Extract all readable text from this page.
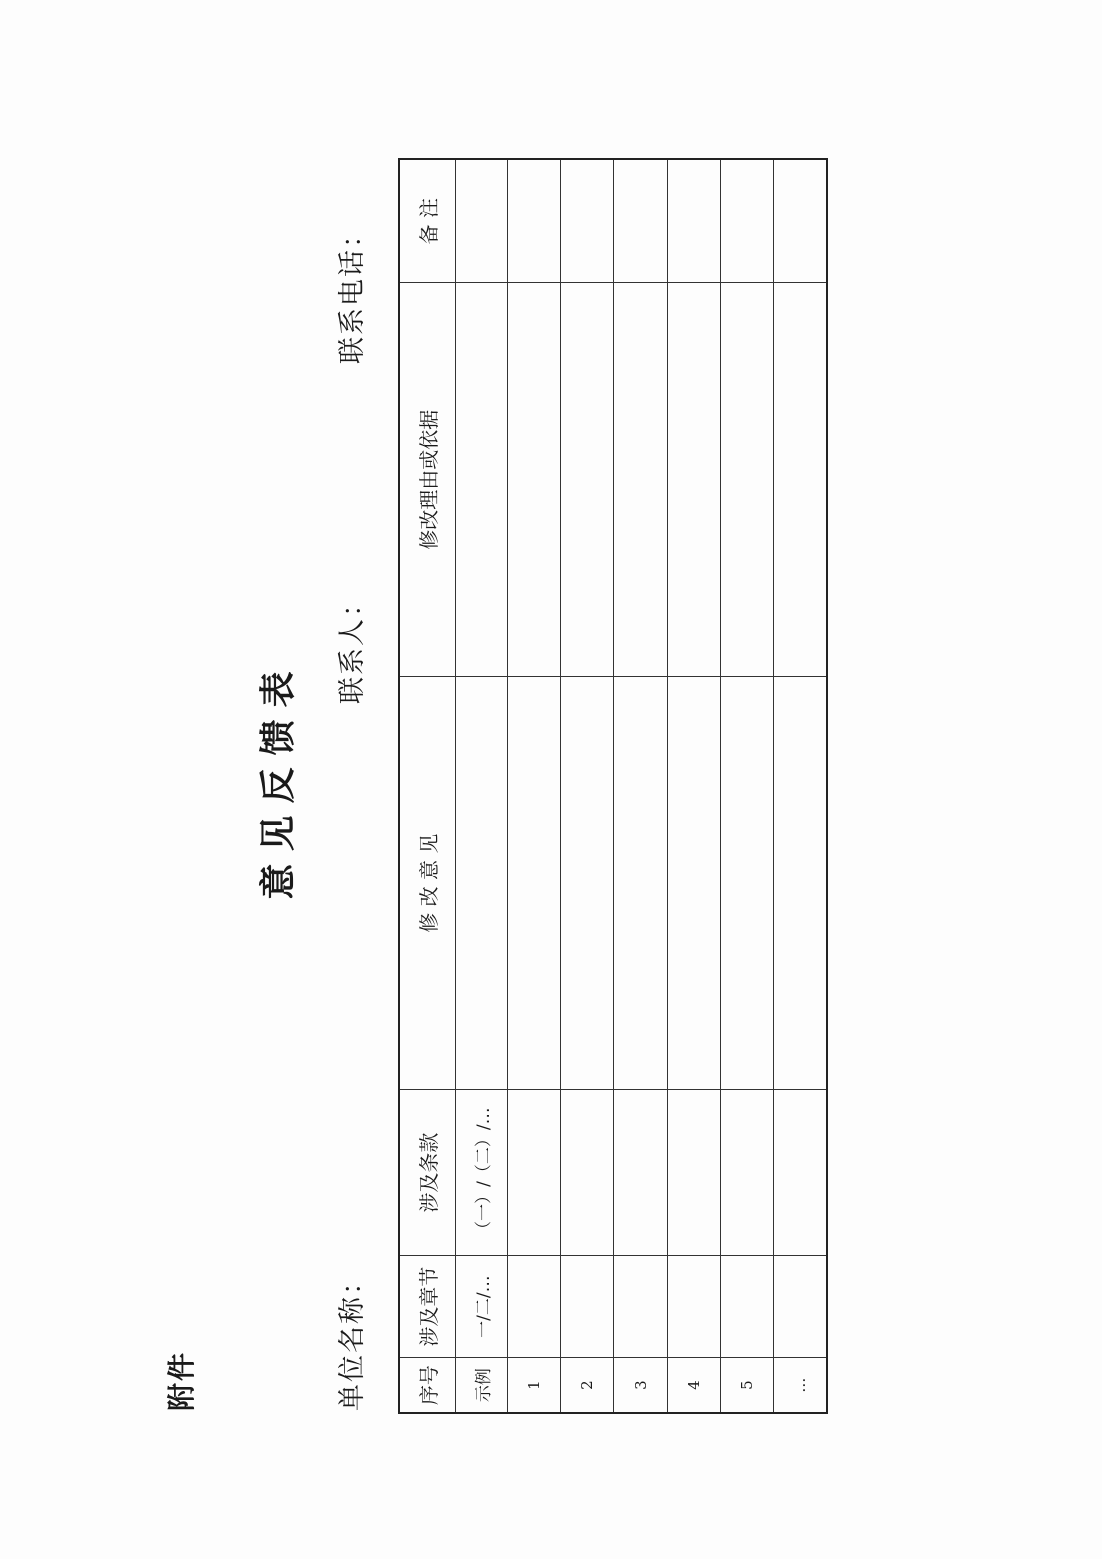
附件
意见反馈表
单位名称：
联系人：
联系电话：
序号	涉及章节	涉及条款	修 改 意 见	修改理由或依据	备 注
示例	一/二/…	（一）/（二）/…			
1					
2					
3					
4					
5					
…					
